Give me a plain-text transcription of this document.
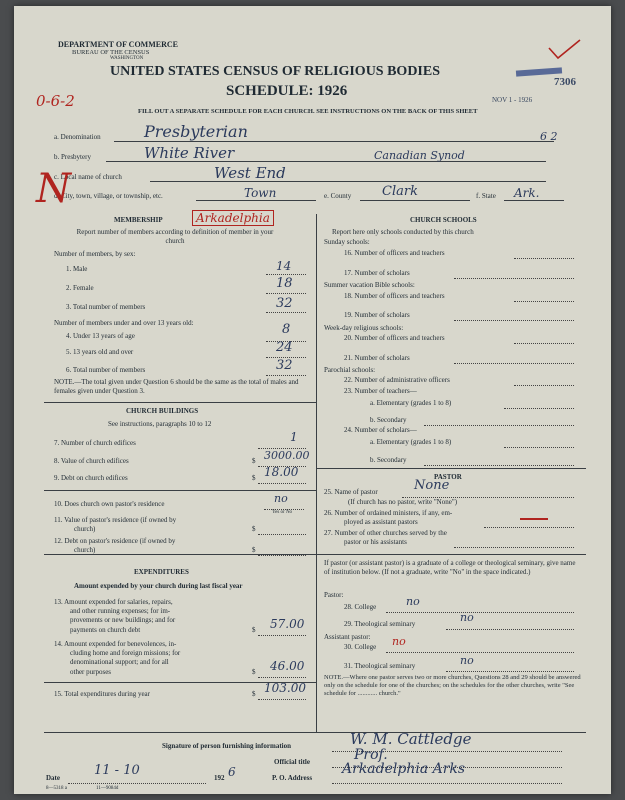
DEPARTMENT OF COMMERCE
BUREAU OF THE CENSUS
WASHINGTON
UNITED STATES CENSUS OF RELIGIOUS BODIES
SCHEDULE: 1926
FILL OUT A SEPARATE SCHEDULE FOR EACH CHURCH. SEE INSTRUCTIONS ON THE BACK OF THIS SHEET
0-6-2	NOV 1 - 1926
7306
a. Denomination	Presbyterian	6 2
b. Presbytery	White River	Canadian Synod
c. Local name of church	West End
d. City, town, village, or township, etc.	Town	e. County Clark	f. State Ark.
N
MEMBERSHIP	Arkadelphia
Report number of members according to definition of member in your church
Number of members, by sex:
1. Male	14
2. Female	18
3. Total number of members	32
Number of members under and over 13 years old:
4. Under 13 years of age	8
5. 13 years old and over	24
6. Total number of members	32
NOTE.—The total given under Question 6 should be the same as the total of males and females given under Question 3.
CHURCH BUILDINGS
See instructions, paragraphs 10 to 12
7. Number of church edifices	1
8. Value of church edifices	$ 3000.00
9. Debt on church edifices	$ 18.00
10. Does church own pastor's residence	no
Yes or No
11. Value of pastor's residence (if owned by
church)	$
12. Debt on pastor's residence (if owned by
church)	$
EXPENDITURES
Amount expended by your church during last fiscal year
13. Amount expended for salaries, repairs,
and other running expenses; for im-
provements or new buildings; and for
payments on church debt	$ 57.00
14. Amount expended for benevolences, in-
cluding home and foreign missions; for
denominational support; and for all
other purposes	$ 46.00
15. Total expenditures during year	$ 103.00
CHURCH SCHOOLS
Report here only schools conducted by this church
Sunday schools:
16. Number of officers and teachers
17. Number of scholars
Summer vacation Bible schools:
18. Number of officers and teachers
19. Number of scholars
Week-day religious schools:
20. Number of officers and teachers
21. Number of scholars
Parochial schools:
22. Number of administrative officers
23. Number of teachers—
a. Elementary (grades 1 to 8)
b. Secondary
24. Number of scholars—
a. Elementary (grades 1 to 8)
b. Secondary
PASTOR
25. Name of pastor	None
(If church has no pastor, write "None")
26. Number of ordained ministers, if any, em-
ployed as assistant pastors
27. Number of other churches served by the
pastor or his assistants
If pastor (or assistant pastor) is a graduate of a college or theological seminary, give name of institution below. (If not a graduate, write "No" in the space indicated.)
Pastor:
28. College	no
29. Theological seminary	no
Assistant pastor:
30. College no
31. Theological seminary	no
NOTE.—Where one pastor serves two or more churches, Questions 28 and 29 should be answered only on the schedule for one of the churches; on the schedules for the other churches, write "See schedule for ............ church."
Signature of person furnishing information	W. M. Cattledge
Official title	Prof.
Date	11 - 10	192 6	P. O. Address
Arkadelphia Arks
8—5318 a	11—9084d
